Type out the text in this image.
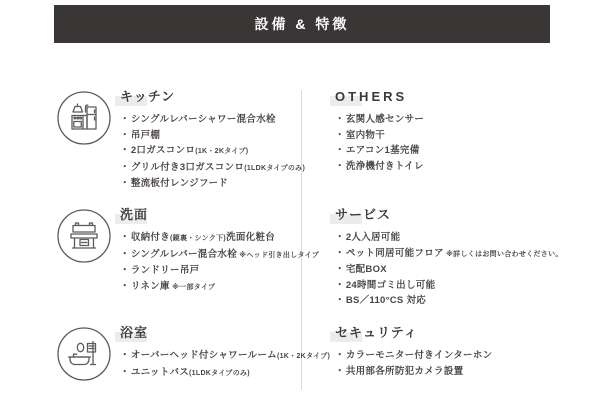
設備 & 特徴
キッチン
・シングルレバーシャワー混合水栓
・吊戸棚
・2口ガスコンロ(1K・2Kタイプ)
・グリル付き3口ガスコンロ(1LDKタイプのみ)
・整流板付レンジフード
洗面
・収納付き(鏡裏・シンク下)洗面化粧台
・シングルレバー混合水栓 ※ヘッド引き出しタイプ
・ランドリー吊戸
・リネン庫 ※一部タイプ
浴室
・オーバーヘッド付シャワールーム(1K・2Kタイプ)
・ユニットバス(1LDKタイプのみ)
OTHERS
・玄関人感センサー
・室内物干
・エアコン1基完備
・洗浄機付きトイレ
サービス
・2人入居可能
・ペット同居可能フロア ※詳しくはお問い合わせください。
・宅配BOX
・24時間ゴミ出し可能
・BS／110°CS 対応
セキュリティ
・カラーモニター付きインターホン
・共用部各所防犯カメラ設置
